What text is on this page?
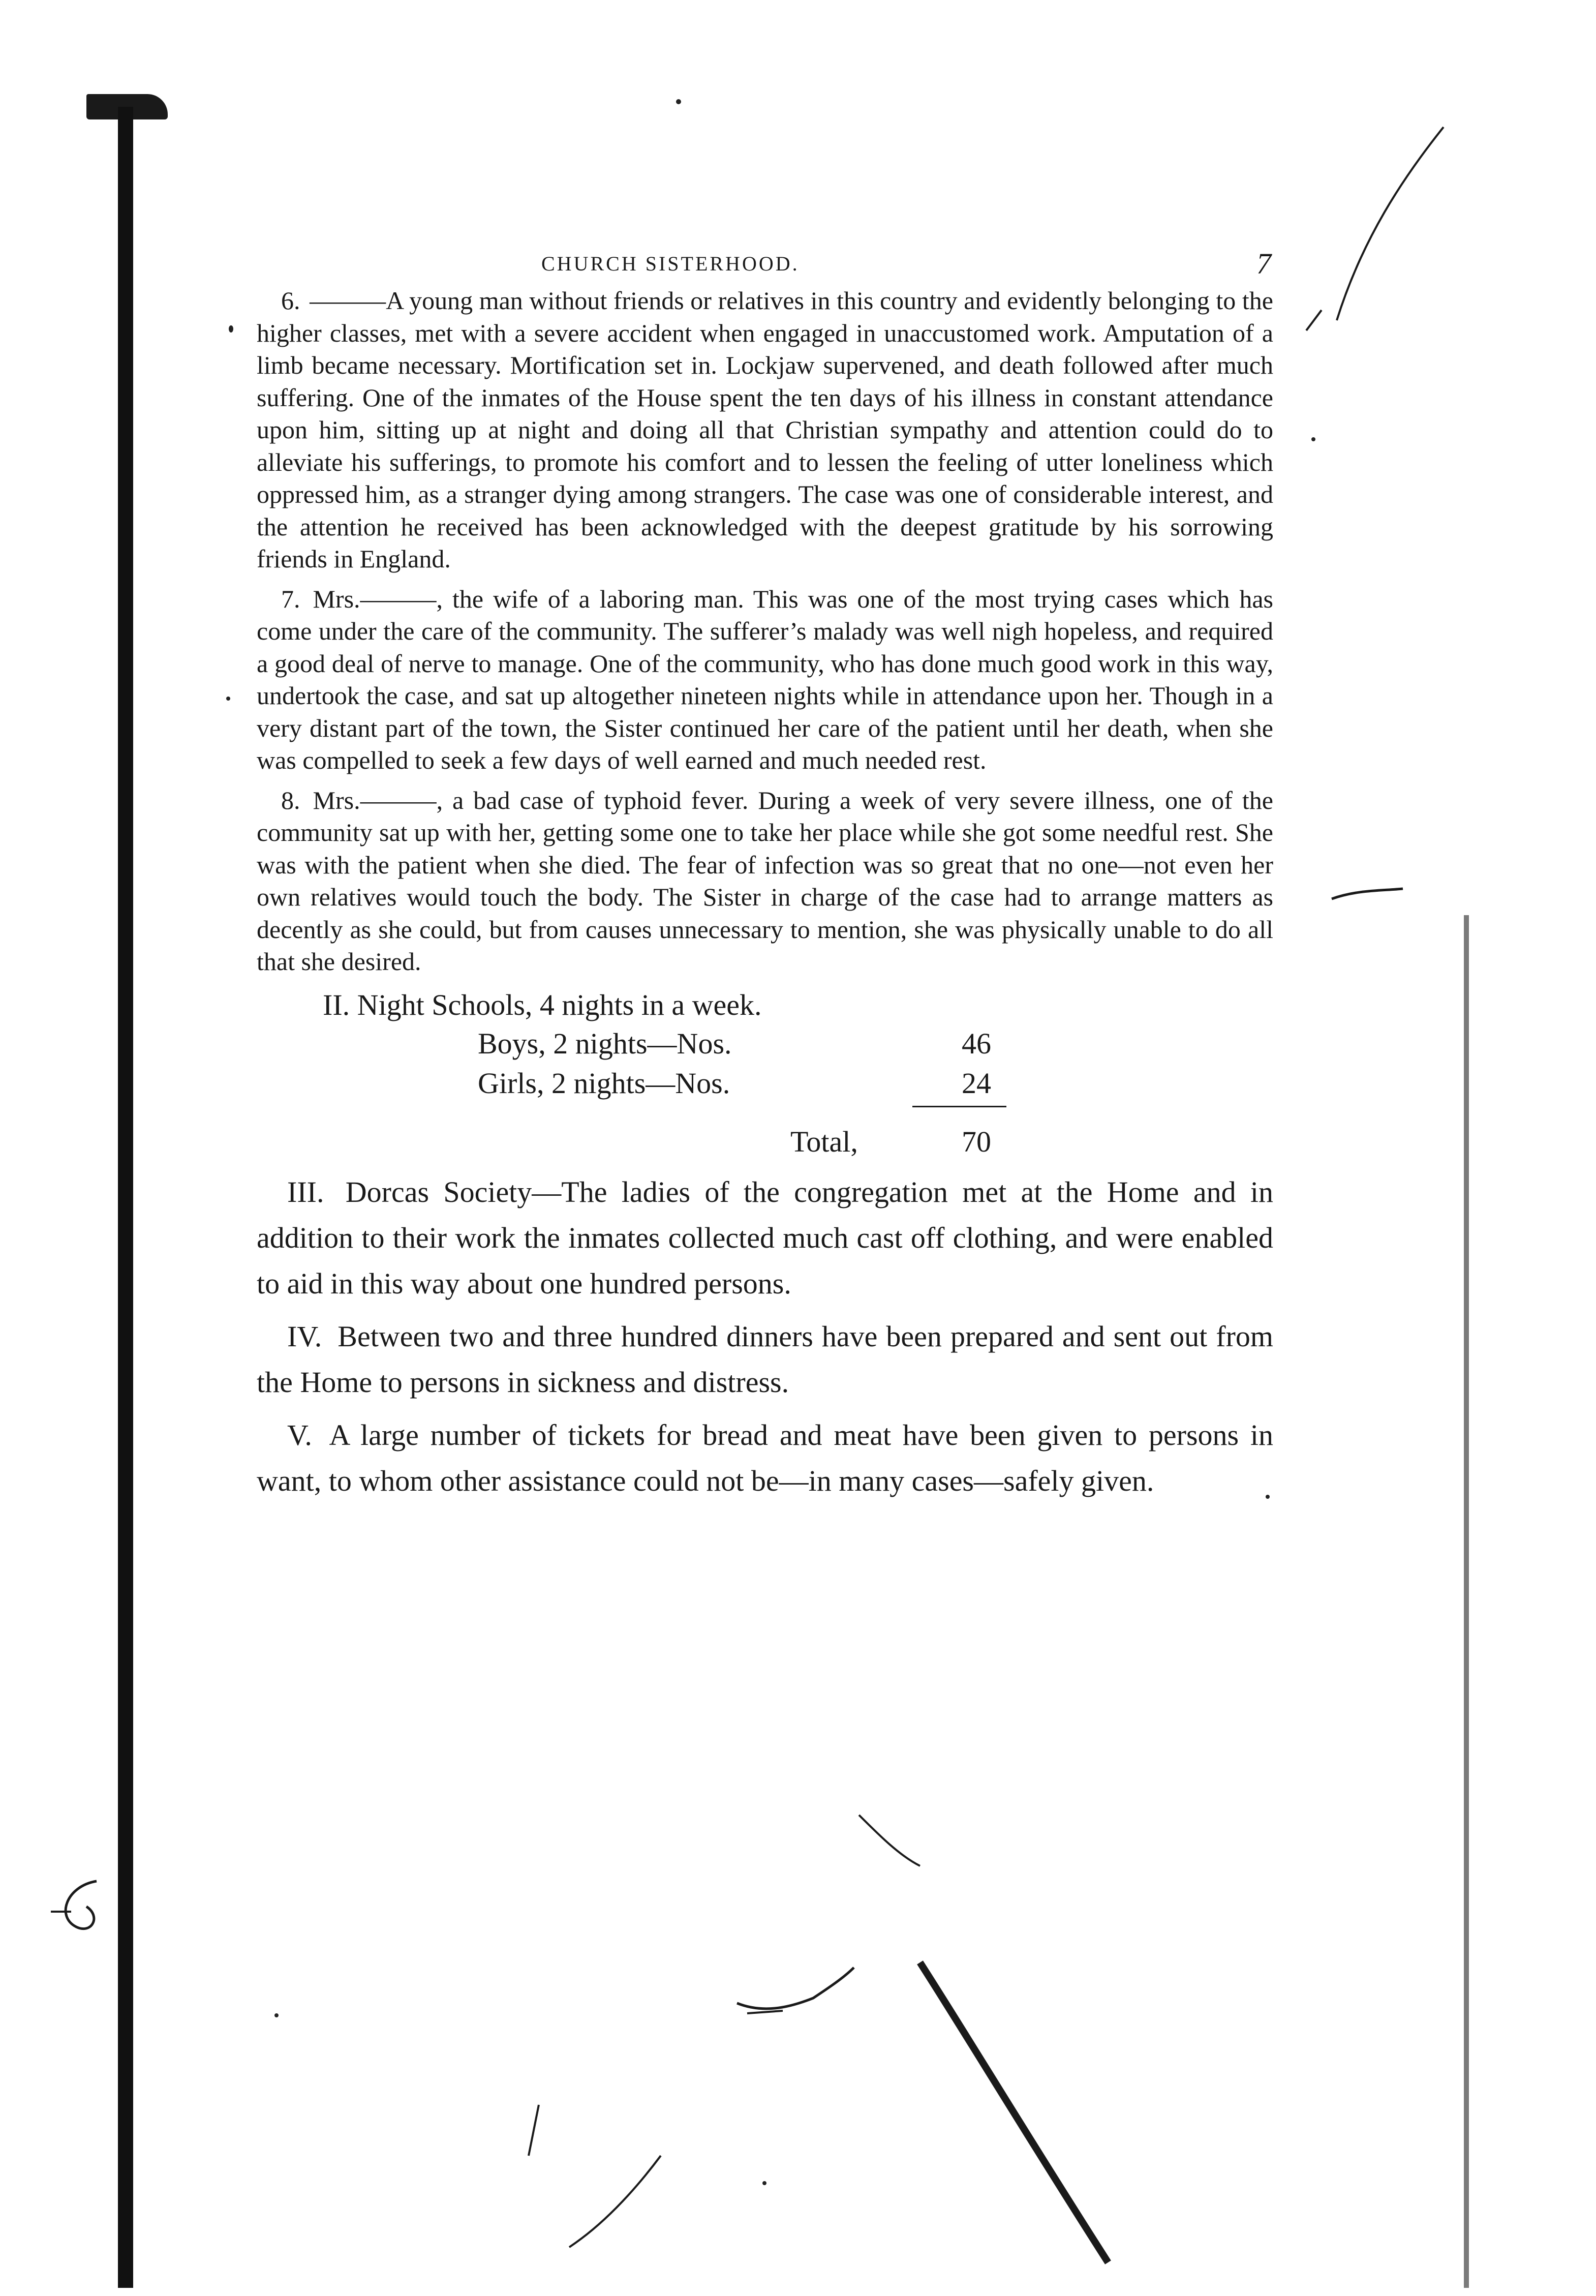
CHURCH SISTERHOOD.	7

6. ———A young man without friends or relatives in this country and evidently belonging to the higher classes, met with a severe accident when engaged in unaccustomed work. Amputation of a limb became necessary. Mortification set in. Lockjaw supervened, and death followed after much suffering. One of the inmates of the House spent the ten days of his illness in constant attendance upon him, sitting up at night and doing all that Christian sympathy and attention could do to alleviate his sufferings, to promote his comfort and to lessen the feeling of utter loneliness which oppressed him, as a stranger dying among strangers. The case was one of considerable interest, and the attention he received has been acknowledged with the deepest gratitude by his sorrowing friends in England.

7. Mrs.———, the wife of a laboring man. This was one of the most trying cases which has come under the care of the community. The sufferer’s malady was well nigh hopeless, and required a good deal of nerve to manage. One of the community, who has done much good work in this way, undertook the case, and sat up altogether nineteen nights while in attendance upon her. Though in a very distant part of the town, the Sister continued her care of the patient until her death, when she was compelled to seek a few days of well earned and much needed rest.

8. Mrs.———, a bad case of typhoid fever. During a week of very severe illness, one of the community sat up with her, getting some one to take her place while she got some needful rest. She was with the patient when she died. The fear of infection was so great that no one—not even her own relatives would touch the body. The Sister in charge of the case had to arrange matters as decently as she could, but from causes unnecessary to mention, she was physically unable to do all that she desired.

II. Night Schools, 4 nights in a week.
Boys, 2 nights—Nos.	46
Girls, 2 nights—Nos.	24
Total,	70

III. Dorcas Society—The ladies of the congregation met at the Home and in addition to their work the inmates collected much cast off clothing, and were enabled to aid in this way about one hundred persons.

IV. Between two and three hundred dinners have been prepared and sent out from the Home to persons in sickness and distress.

V. A large number of tickets for bread and meat have been given to persons in want, to whom other assistance could not be—in many cases—safely given.
